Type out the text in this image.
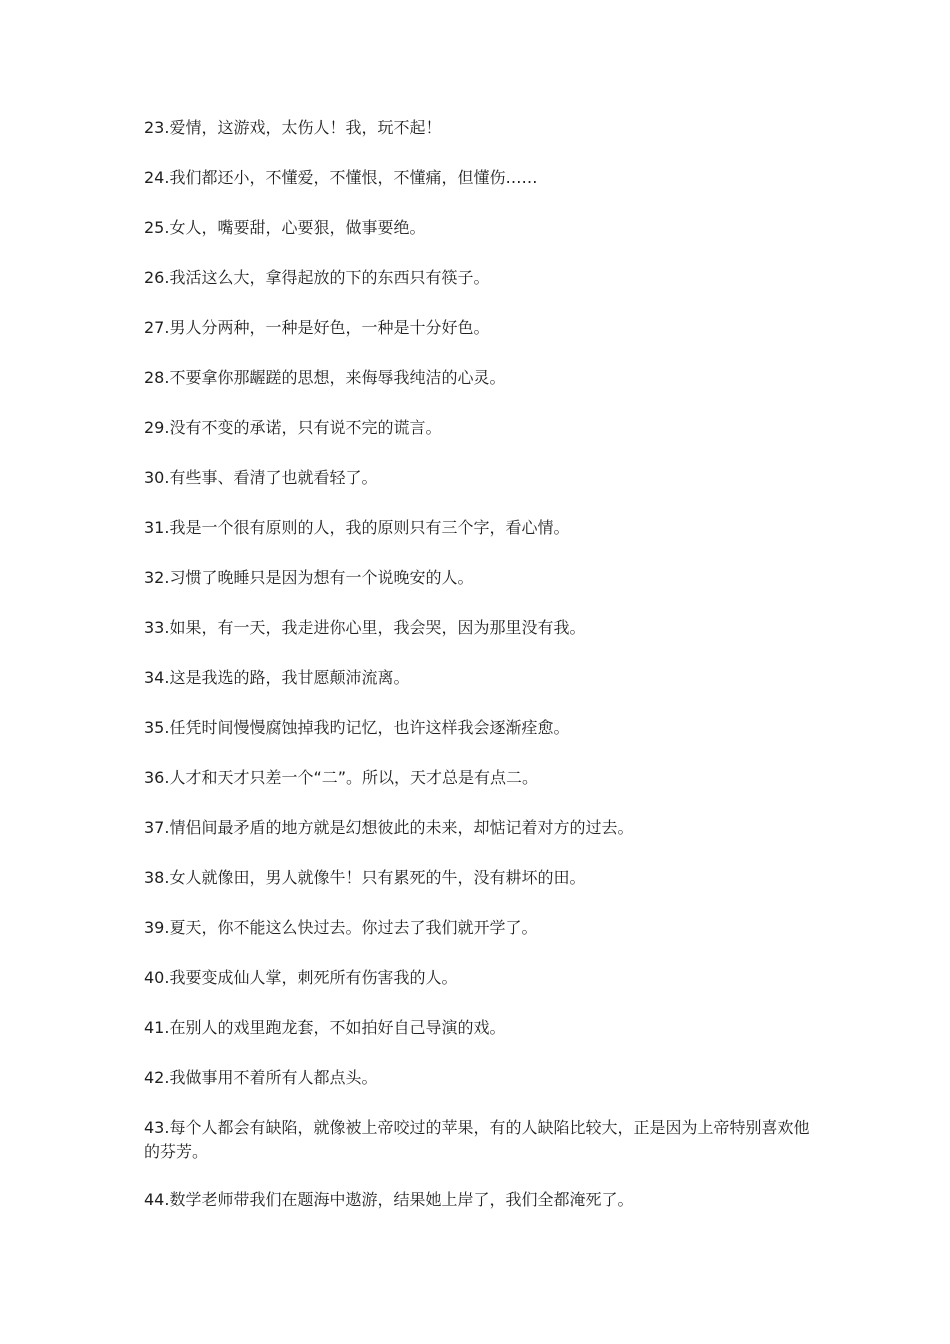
23.爱情，这游戏，太伤人！我，玩不起！

24.我们都还小，不懂爱，不懂恨，不懂痛，但懂伤……

25.女人，嘴要甜，心要狠，做事要绝。

26.我活这么大，拿得起放的下的东西只有筷子。

27.男人分两种，一种是好色，一种是十分好色。

28.不要拿你那龌蹉的思想，来侮辱我纯洁的心灵。

29.没有不变的承诺，只有说不完的谎言。

30.有些事、看清了也就看轻了。

31.我是一个很有原则的人，我的原则只有三个字，看心情。

32.习惯了晚睡只是因为想有一个说晚安的人。

33.如果，有一天，我走进你心里，我会哭，因为那里没有我。

34.这是我选的路，我甘愿颠沛流离。

35.任凭时间慢慢腐蚀掉我旳记忆，也许这样我会逐渐痊愈。

36.人才和天才只差一个“二”。所以，天才总是有点二。

37.情侣间最矛盾的地方就是幻想彼此的未来，却惦记着对方的过去。

38.女人就像田，男人就像牛！只有累死的牛，没有耕坏的田。

39.夏天，你不能这么快过去。你过去了我们就开学了。

40.我要变成仙人掌，刺死所有伤害我的人。

41.在别人的戏里跑龙套，不如拍好自己导演的戏。

42.我做事用不着所有人都点头。

43.每个人都会有缺陷，就像被上帝咬过的苹果，有的人缺陷比较大，正是因为上帝特别喜欢他的芬芳。

44.数学老师带我们在题海中遨游，结果她上岸了，我们全都淹死了。
